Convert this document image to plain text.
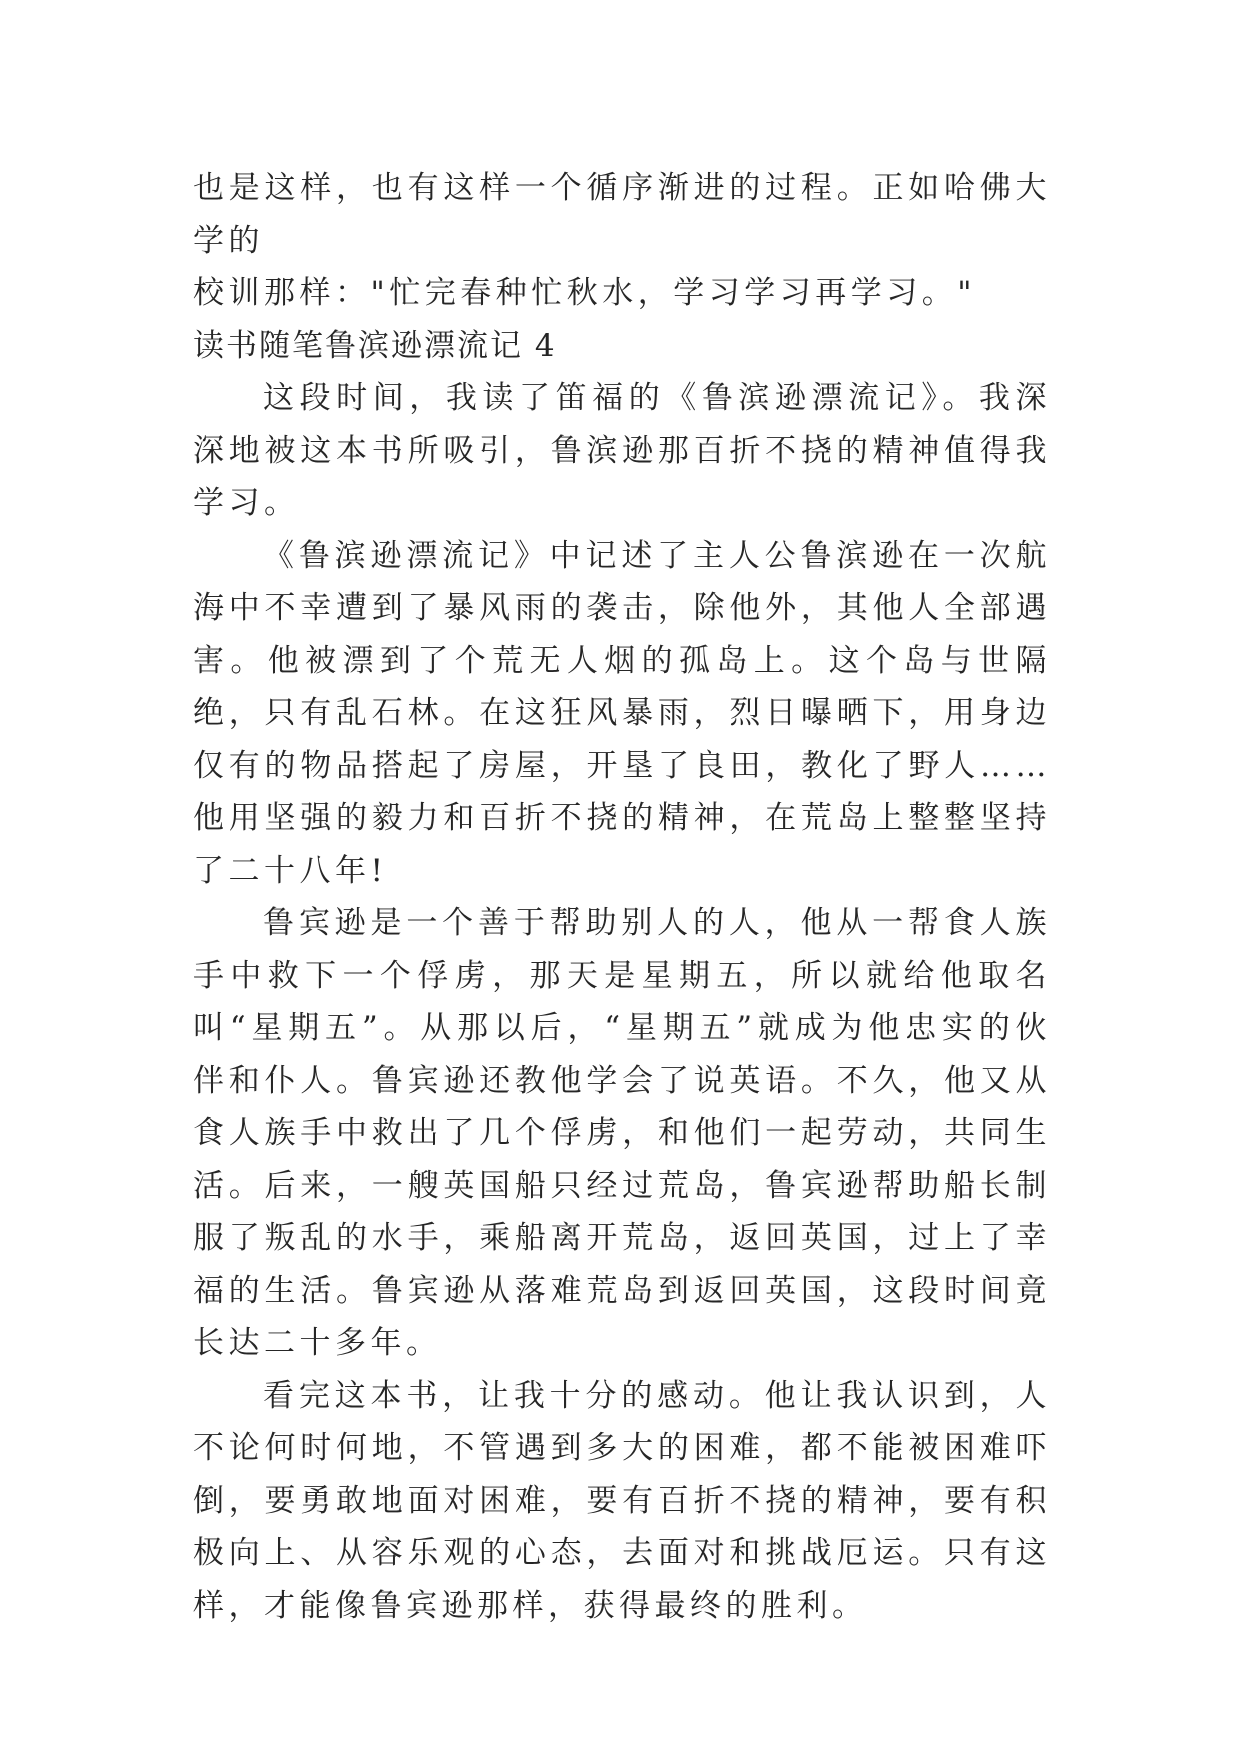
也是这样，也有这样一个循序渐进的过程。正如哈佛大学的

校训那样："忙完春种忙秋水，学习学习再学习。"

读书随笔鲁滨逊漂流记 4

这段时间，我读了笛福的《鲁滨逊漂流记》。我深深地被这本书所吸引，鲁滨逊那百折不挠的精神值得我学习。

《鲁滨逊漂流记》中记述了主人公鲁滨逊在一次航海中不幸遭到了暴风雨的袭击，除他外，其他人全部遇害。他被漂到了个荒无人烟的孤岛上。这个岛与世隔绝，只有乱石林。在这狂风暴雨，烈日曝晒下，用身边仅有的物品搭起了房屋，开垦了良田，教化了野人……他用坚强的毅力和百折不挠的精神，在荒岛上整整坚持了二十八年!

鲁宾逊是一个善于帮助别人的人，他从一帮食人族手中救下一个俘虏，那天是星期五，所以就给他取名叫“星期五”。从那以后，“星期五”就成为他忠实的伙伴和仆人。鲁宾逊还教他学会了说英语。不久，他又从食人族手中救出了几个俘虏，和他们一起劳动，共同生活。后来，一艘英国船只经过荒岛，鲁宾逊帮助船长制服了叛乱的水手，乘船离开荒岛，返回英国，过上了幸福的生活。鲁宾逊从落难荒岛到返回英国，这段时间竟长达二十多年。

看完这本书，让我十分的感动。他让我认识到，人不论何时何地，不管遇到多大的困难，都不能被困难吓倒，要勇敢地面对困难，要有百折不挠的精神，要有积极向上、从容乐观的心态，去面对和挑战厄运。只有这样，才能像鲁宾逊那样，获得最终的胜利。
